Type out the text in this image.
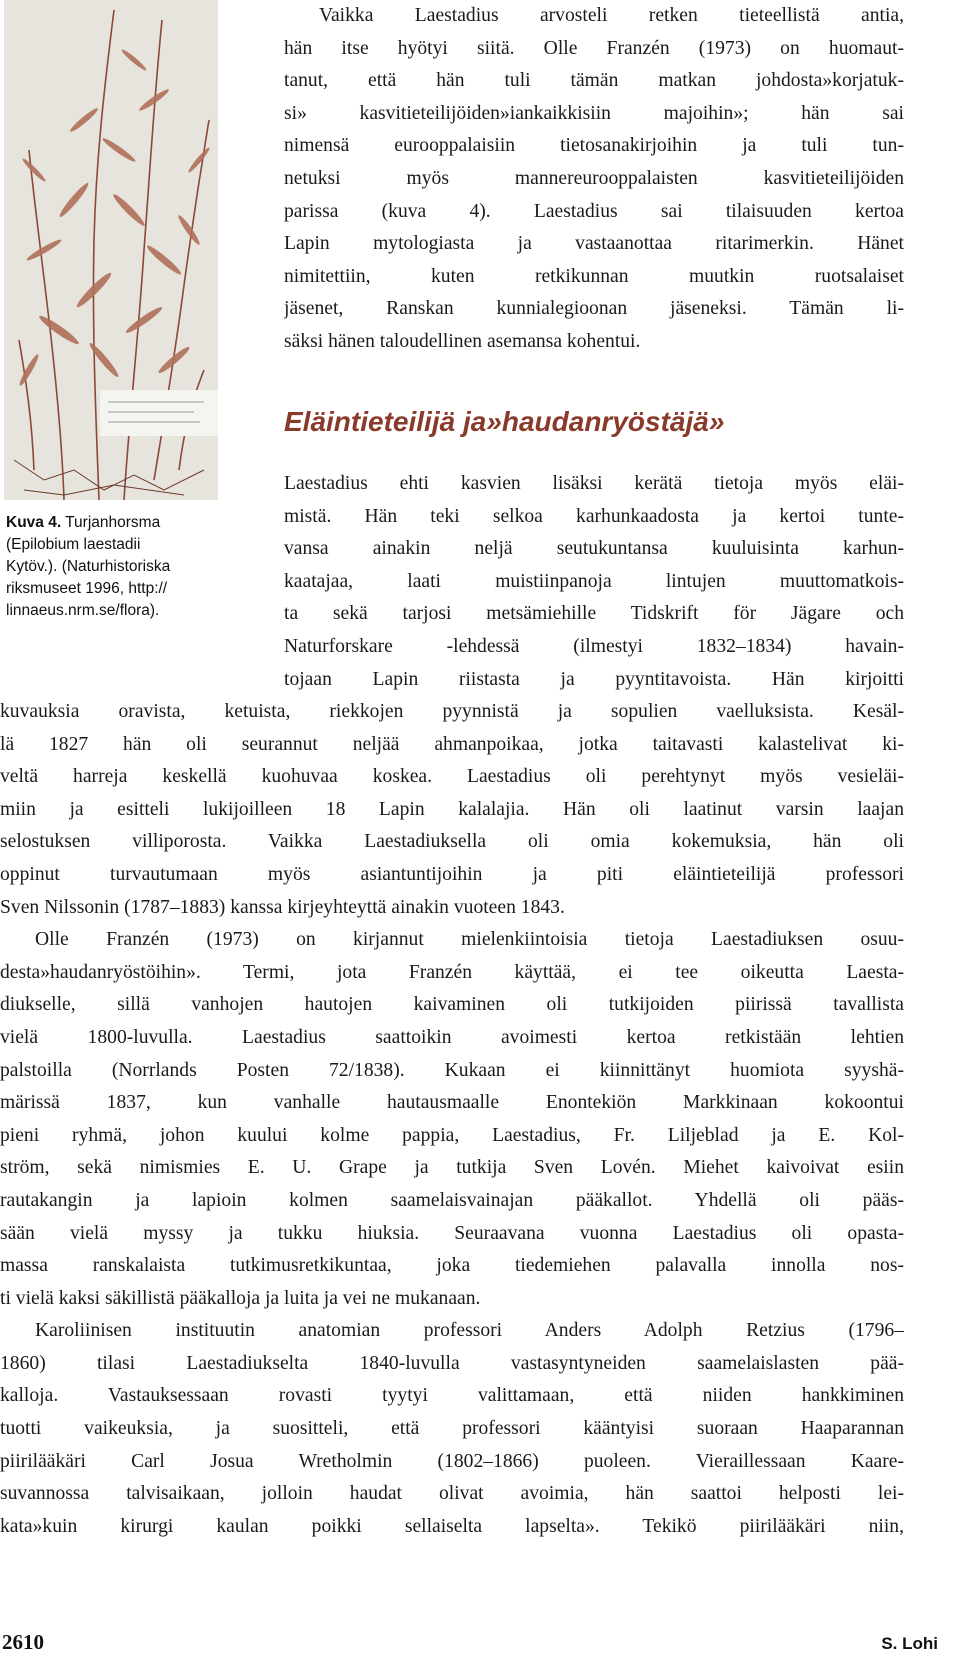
Kuva 4. Turjanhorsma
(Epilobium laestadii
Kytöv.). (Naturhistoriska
riksmuseet 1996, http://
linnaeus.nrm.se/flora).
Vaikka Laestadius arvosteli retken tieteellistä antia,
hän itse hyötyi siitä. Olle Franzén (1973) on huomaut-
tanut, että hän tuli tämän matkan johdosta»korjatuk-
si» kasvitieteilijöiden»iankaikkisiin majoihin»; hän sai
nimensä eurooppalaisiin tietosanakirjoihin ja tuli tun-
netuksi myös mannereurooppalaisten kasvitieteilijöiden
parissa (kuva 4). Laestadius sai tilaisuuden kertoa
Lapin mytologiasta ja vastaanottaa ritarimerkin. Hänet
nimitettiin, kuten retkikunnan muutkin ruotsalaiset
jäsenet, Ranskan kunnialegioonan jäseneksi. Tämän li-
säksi hänen taloudellinen asemansa kohentui.
Eläintieteilijä ja»haudanryöstäjä»
Laestadius ehti kasvien lisäksi kerätä tietoja myös eläi-
mistä. Hän teki selkoa karhunkaadosta ja kertoi tunte-
vansa ainakin neljä seutukuntansa kuuluisinta karhun-
kaatajaa, laati muistiinpanoja lintujen muuttomatkois-
ta sekä tarjosi metsämiehille Tidskrift för Jägare och
Naturforskare -lehdessä (ilmestyi 1832–1834) havain-
tojaan Lapin riistasta ja pyyntitavoista. Hän kirjoitti
kuvauksia oravista, ketuista, riekkojen pyynnistä ja sopulien vaelluksista. Kesäl-
lä 1827 hän oli seurannut neljää ahmanpoikaa, jotka taitavasti kalastelivat ki-
veltä harreja keskellä kuohuvaa koskea. Laestadius oli perehtynyt myös vesieläi-
miin ja esitteli lukijoilleen 18 Lapin kalalajia. Hän oli laatinut varsin laajan
selostuksen villiporosta. Vaikka Laestadiuksella oli omia kokemuksia, hän oli
oppinut turvautumaan myös asiantuntijoihin ja piti eläintieteilijä professori
Sven Nilssonin (1787–1883) kanssa kirjeyhteyttä ainakin vuoteen 1843.
Olle Franzén (1973) on kirjannut mielenkiintoisia tietoja Laestadiuksen osuu-
desta»haudanryöstöihin». Termi, jota Franzén käyttää, ei tee oikeutta Laesta-
diukselle, sillä vanhojen hautojen kaivaminen oli tutkijoiden piirissä tavallista
vielä 1800-luvulla. Laestadius saattoikin avoimesti kertoa retkistään lehtien
palstoilla (Norrlands Posten 72/1838). Kukaan ei kiinnittänyt huomiota syyshä-
märissä 1837, kun vanhalle hautausmaalle Enontekiön Markkinaan kokoontui
pieni ryhmä, johon kuului kolme pappia, Laestadius, Fr. Liljeblad ja E. Kol-
ström, sekä nimismies E. U. Grape ja tutkija Sven Lovén. Miehet kaivoivat esiin
rautakangin ja lapioin kolmen saamelaisvainajan pääkallot. Yhdellä oli pääs-
sään vielä myssy ja tukku hiuksia. Seuraavana vuonna Laestadius oli opasta-
massa ranskalaista tutkimusretkikuntaa, joka tiedemiehen palavalla innolla nos-
ti vielä kaksi säkillistä pääkalloja ja luita ja vei ne mukanaan.
Karoliinisen instituutin anatomian professori Anders Adolph Retzius (1796–
1860) tilasi Laestadiukselta 1840-luvulla vastasyntyneiden saamelaislasten pää-
kalloja. Vastauksessaan rovasti tyytyi valittamaan, että niiden hankkiminen
tuotti vaikeuksia, ja suositteli, että professori kääntyisi suoraan Haaparannan
piirilääkäri Carl Josua Wretholmin (1802–1866) puoleen. Vieraillessaan Kaare-
suvannossa talvisaikaan, jolloin haudat olivat avoimia, hän saattoi helposti lei-
kata»kuin kirurgi kaulan poikki sellaiselta lapselta». Tekikö piirilääkäri niin,
2610	S. Lohi
